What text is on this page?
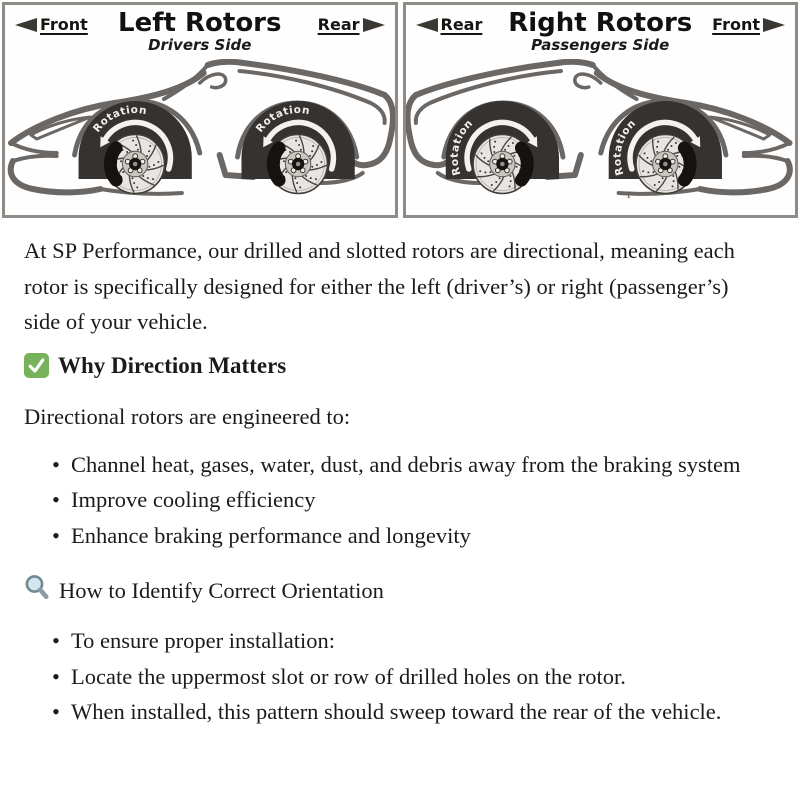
Front	Left Rotors
Drivers Side
Rear
Rotation
Rotation
Rear Right Rotors
Passengers Side
Front
Rotation
Rotation
r

At SP Performance, our drilled and slotted rotors are directional, meaning each rotor is specifically designed for either the left (driver’s) or right (passenger’s) side of your vehicle.

Why Direction Matters

Directional rotors are engineered to:

• Channel heat, gases, water, dust, and debris away from the braking system
• Improve cooling efficiency
• Enhance braking performance and longevity
How to Identify Correct Orientation
• To ensure proper installation:
• Locate the uppermost slot or row of drilled holes on the rotor.
• When installed, this pattern should sweep toward the rear of the vehicle.
